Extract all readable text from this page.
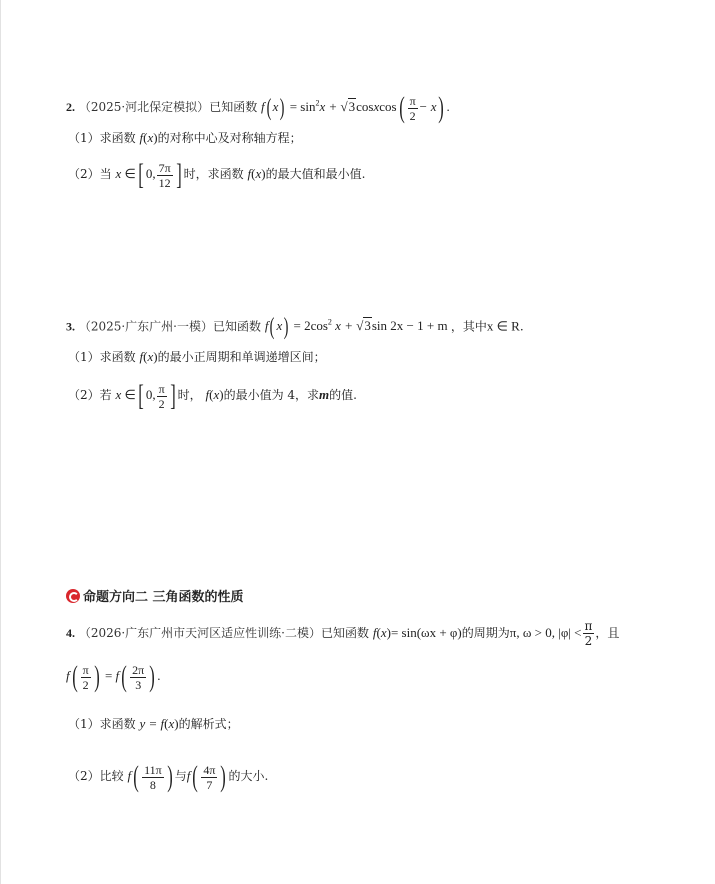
2. （2025·河北保定模拟）已知函数 f( $x) = \sin^2x$ + √3cosxcos( $\frac{\pi}{2} - x$) .
（1）求函数 f(x)的对称中心及对称轴方程；
（2）当 x ∈[ 0, $\frac{7\pi}{12}$ ] 时，求函数 f(x)的最大值和最小值.
3. （2025·广东广州·一模）已知函数 f( $x) = 2\cos^2$ x + √3sin 2x − 1 + m ，其中x ∈ R.
（1）求函数 f(x)的最小正周期和单调递增区间；
（2）若 x ∈[ 0, $\frac{\pi}{2}$ ] 时， f(x)的最小值为 4，求m的值.
命题方向二 三角函数的性质
4. （2026·广东广州市天河区适应性训练·二模）已知函数 f(x)= sin(ωx + φ)的周期为π, ω > 0, $|\varphi| < \frac{\pi}{2}$ ，且
$f( \frac{\pi}{2}$ ) = $f( \frac{2\pi}{3}$ ) .
（1）求函数 y = f(x)的解析式；
（2）比较 $f( \frac{11\pi}{8}$ ) 与$f( \frac{4\pi}{7}$ ) 的大小.
